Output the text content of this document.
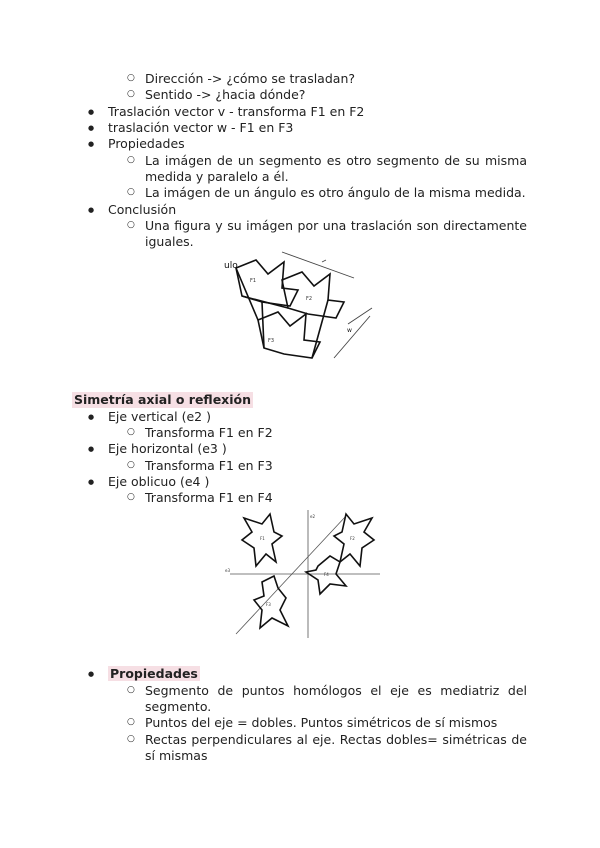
○ Dirección -> ¿cómo se trasladan?
○ Sentido -> ¿hacia dónde?
● Traslación vector v - transforma F1 en F2
● traslación vector w - F1 en F3
● Propiedades
○ La imágen de un segmento es otro segmento de su misma
medida y paralelo a él.
○ La imágen de un ángulo es otro ángulo de la misma medida.
● Conclusión
○ Una figura y su imágen por una traslación son directamente
iguales.
F1
F2
F3
ulo
w
Simetría axial o reflexión
● Eje vertical (e2 )
○ Transforma F1 en F2
● Eje horizontal (e3 )
○ Transforma F1 en F3
● Eje oblicuo (e4 )
○ Transforma F1 en F4
F1	F2
F4
F3
e3
e2
● Propiedades
○ Segmento de puntos homólogos el eje es mediatriz del
segmento.
○ Puntos del eje = dobles. Puntos simétricos de sí mismos
○ Rectas perpendiculares al eje. Rectas dobles= simétricas de
sí mismas
